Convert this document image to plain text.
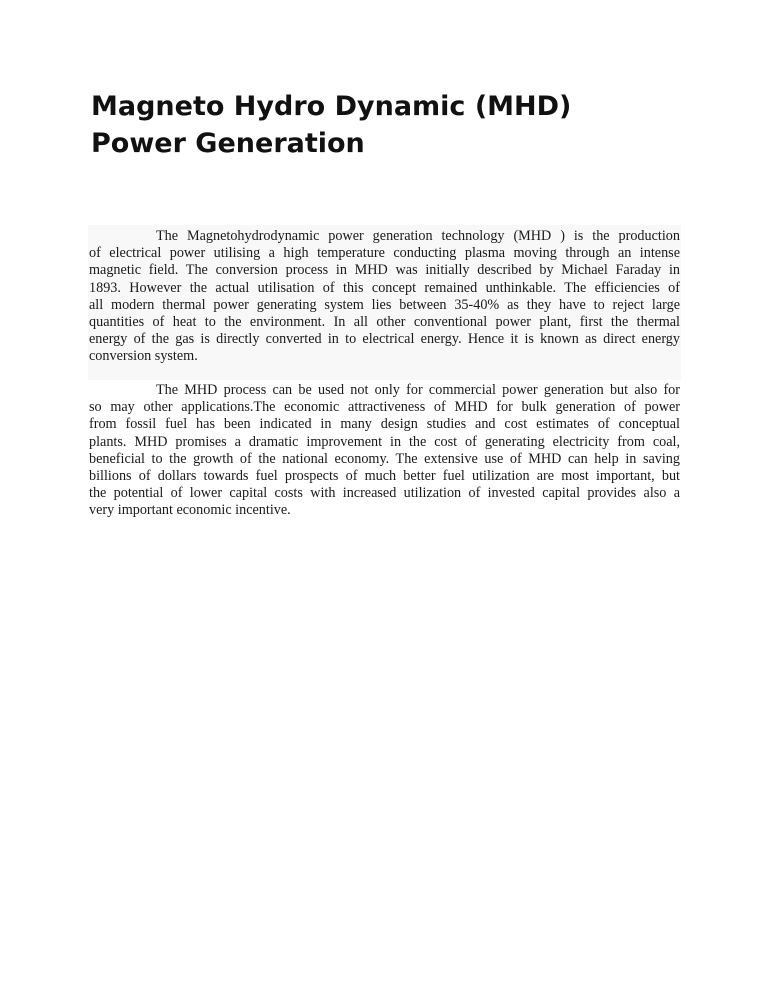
Magneto Hydro Dynamic (MHD)
Power Generation
The Magnetohydrodynamic power generation technology (MHD ) is the production
of electrical power utilising a high temperature conducting plasma moving through an intense
magnetic field. The conversion process in MHD was initially described by Michael Faraday in
1893. However the actual utilisation of this concept remained unthinkable. The efficiencies of
all modern thermal power generating system lies between 35-40% as they have to reject large
quantities of heat to the environment. In all other conventional power plant, first the thermal
energy of the gas is directly converted in to electrical energy. Hence it is known as direct energy
conversion system.
The MHD process can be used not only for commercial power generation but also for
so may other applications.The economic attractiveness of MHD for bulk generation of power
from fossil fuel has been indicated in many design studies and cost estimates of conceptual
plants. MHD promises a dramatic improvement in the cost of generating electricity from coal,
beneficial to the growth of the national economy. The extensive use of MHD can help in saving
billions of dollars towards fuel prospects of much better fuel utilization are most important, but
the potential of lower capital costs with increased utilization of invested capital provides also a
very important economic incentive.
